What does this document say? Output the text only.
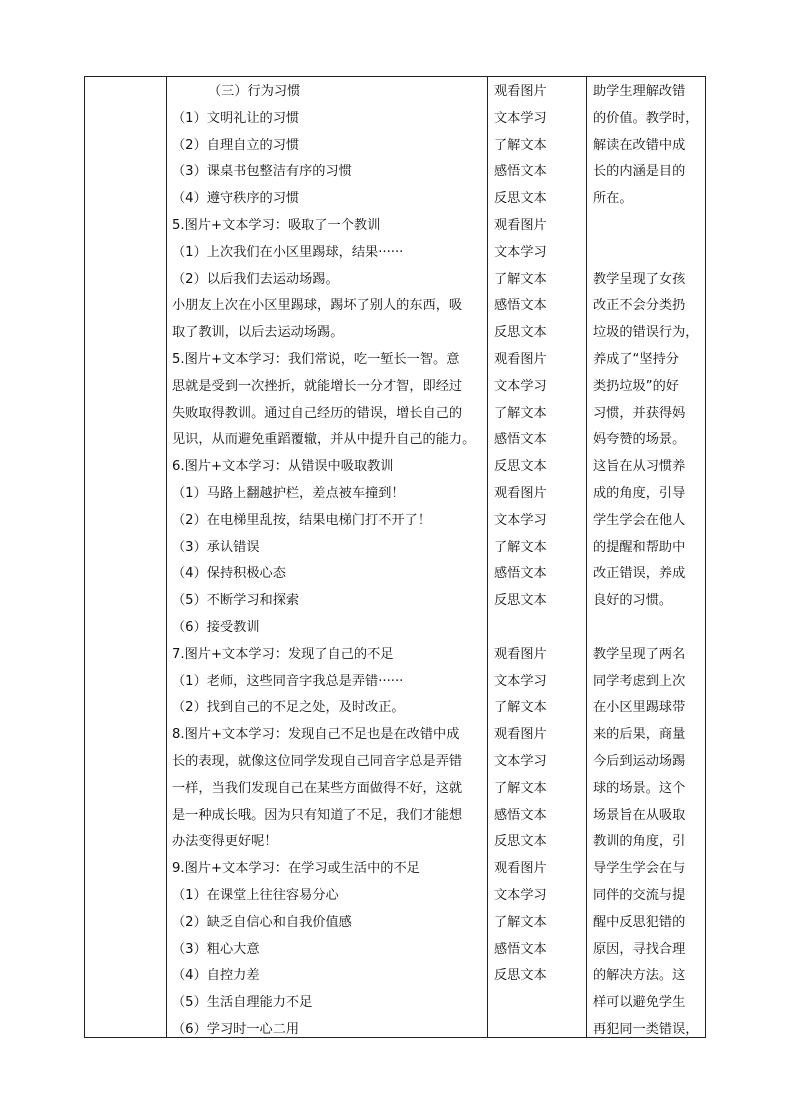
（三）行为习惯
（1）文明礼让的习惯
（2）自理自立的习惯
（3）课桌书包整洁有序的习惯
（4）遵守秩序的习惯
5.图片+文本学习：吸取了一个教训
（1）上次我们在小区里踢球，结果······
（2）以后我们去运动场踢。
小朋友上次在小区里踢球，踢坏了别人的东西，吸
取了教训，以后去运动场踢。
5.图片+文本学习：我们常说，吃一堑长一智。意
思就是受到一次挫折，就能增长一分才智，即经过
失败取得教训。通过自己经历的错误，增长自己的
见识，从而避免重蹈覆辙，并从中提升自己的能力。
6.图片+文本学习：从错误中吸取教训
（1）马路上翻越护栏，差点被车撞到！
（2）在电梯里乱按，结果电梯门打不开了！
（3）承认错误
（4）保持积极心态
（5）不断学习和探索
（6）接受教训
7.图片+文本学习：发现了自己的不足
（1）老师，这些同音字我总是弄错······
（2）找到自己的不足之处，及时改正。
8.图片+文本学习：发现自己不足也是在改错中成
长的表现，就像这位同学发现自己同音字总是弄错
一样，当我们发现自己在某些方面做得不好，这就
是一种成长哦。因为只有知道了不足，我们才能想
办法变得更好呢！
9.图片+文本学习：在学习或生活中的不足
（1）在课堂上往往容易分心
（2）缺乏自信心和自我价值感
（3）粗心大意
（4）自控力差
（5）生活自理能力不足
（6）学习时一心二用
观看图片
文本学习
了解文本
感悟文本
反思文本
观看图片
文本学习
了解文本
感悟文本
反思文本
观看图片
文本学习
了解文本
感悟文本
反思文本
观看图片
文本学习
了解文本
感悟文本
反思文本
观看图片
文本学习
了解文本
观看图片
文本学习
了解文本
感悟文本
反思文本
观看图片
文本学习
了解文本
感悟文本
反思文本
助学生理解改错
的价值。教学时，
解读在改错中成
长的内涵是目的
所在。
教学呈现了女孩
改正不会分类扔
垃圾的错误行为，
养成了“坚持分
类扔垃圾”的好
习惯，并获得妈
妈夸赞的场景。
这旨在从习惯养
成的角度，引导
学生学会在他人
的提醒和帮助中
改正错误，养成
良好的习惯。
教学呈现了两名
同学考虑到上次
在小区里踢球带
来的后果，商量
今后到运动场踢
球的场景。这个
场景旨在从吸取
教训的角度，引
导学生学会在与
同伴的交流与提
醒中反思犯错的
原因，寻找合理
的解决方法。这
样可以避免学生
再犯同一类错误，
